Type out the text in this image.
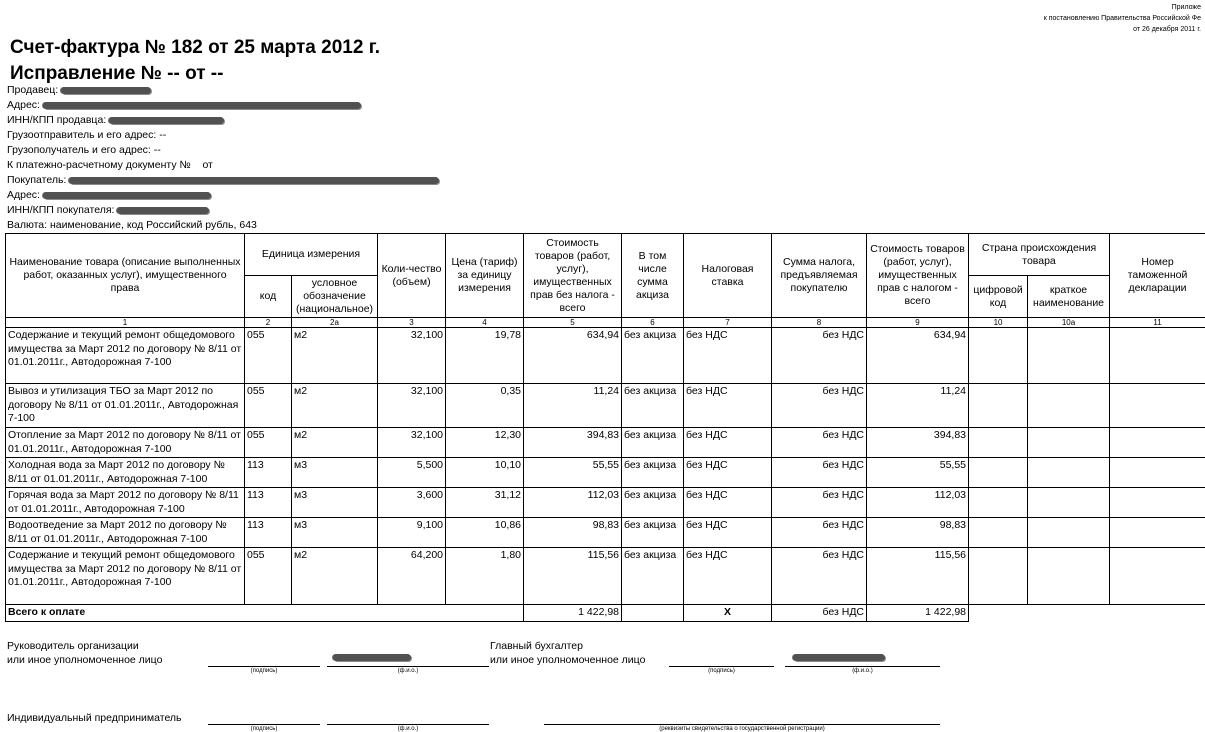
Приложе
к постановлению Правительства Российской Фе
от 26 декабря 2011 г.
Счет-фактура № 182 от 25 марта 2012 г.
Исправление № -- от --
Продавец:
Адрес:
ИНН/КПП продавца:
Грузоотправитель и его адрес: --
Грузополучатель и его адрес: --
К платежно-расчетному документу №    от
Покупатель:
Адрес:
ИНН/КПП покупателя:
Валюта: наименование, код Российский рубль, 643
Наименование товара (описание выполненных работ, оказанных услуг), имущественного права	Единица измерения		Коли-чество (объем)	Цена (тариф) за единицу измерения	Стоимость товаров (работ, услуг), имущественных прав без налога - всего	В том числе сумма акциза	Налоговая ставка	Сумма налога, предъявляемая покупателю	Стоимость товаров (работ, услуг), имущественных прав с налогом - всего	Страна происхождения товара		Номер таможенной декларации
	код	условное обозначение (национальное)								цифровой код	краткое наименование	
1	2	2а	3	4	5	6	7	8	9	10	10а	11
Содержание и текущий ремонт общедомового имущества за Март 2012 по договору № 8/11 от 01.01.2011г., Автодорожная 7-100	055	м2	32,100	19,78	634,94	без акциза	без НДС	без НДС	634,94			
Вывоз и утилизация ТБО за Март 2012 по договору № 8/11 от 01.01.2011г., Автодорожная 7-100	055	м2	32,100	0,35	11,24	без акциза	без НДС	без НДС	11,24			
Отопление за Март 2012 по договору № 8/11 от 01.01.2011г., Автодорожная 7-100	055	м2	32,100	12,30	394,83	без акциза	без НДС	без НДС	394,83			
Холодная вода за Март 2012 по договору № 8/11 от 01.01.2011г., Автодорожная 7-100	113	м3	5,500	10,10	55,55	без акциза	без НДС	без НДС	55,55			
Горячая вода за Март 2012 по договору № 8/11 от 01.01.2011г., Автодорожная 7-100	113	м3	3,600	31,12	112,03	без акциза	без НДС	без НДС	112,03			
Водоотведение за Март 2012 по договору № 8/11 от 01.01.2011г., Автодорожная 7-100	113	м3	9,100	10,86	98,83	без акциза	без НДС	без НДС	98,83			
Содержание и текущий ремонт общедомового имущества за Март 2012 по договору № 8/11 от 01.01.2011г., Автодорожная 7-100	055	м2	64,200	1,80	115,56	без акциза	без НДС	без НДС	115,56			
Всего к оплате					1 422,98		X	без НДС	1 422,98			
Руководитель организации
или иное уполномоченное лицо
(подпись)	(ф.и.о.)
Главный бухгалтер
или иное уполномоченное лицо
(подпись)	(ф.и.о.)
Индивидуальный предприниматель
(подпись)	(ф.и.о.)	(реквизиты свидетельства о государственной регистрации)
